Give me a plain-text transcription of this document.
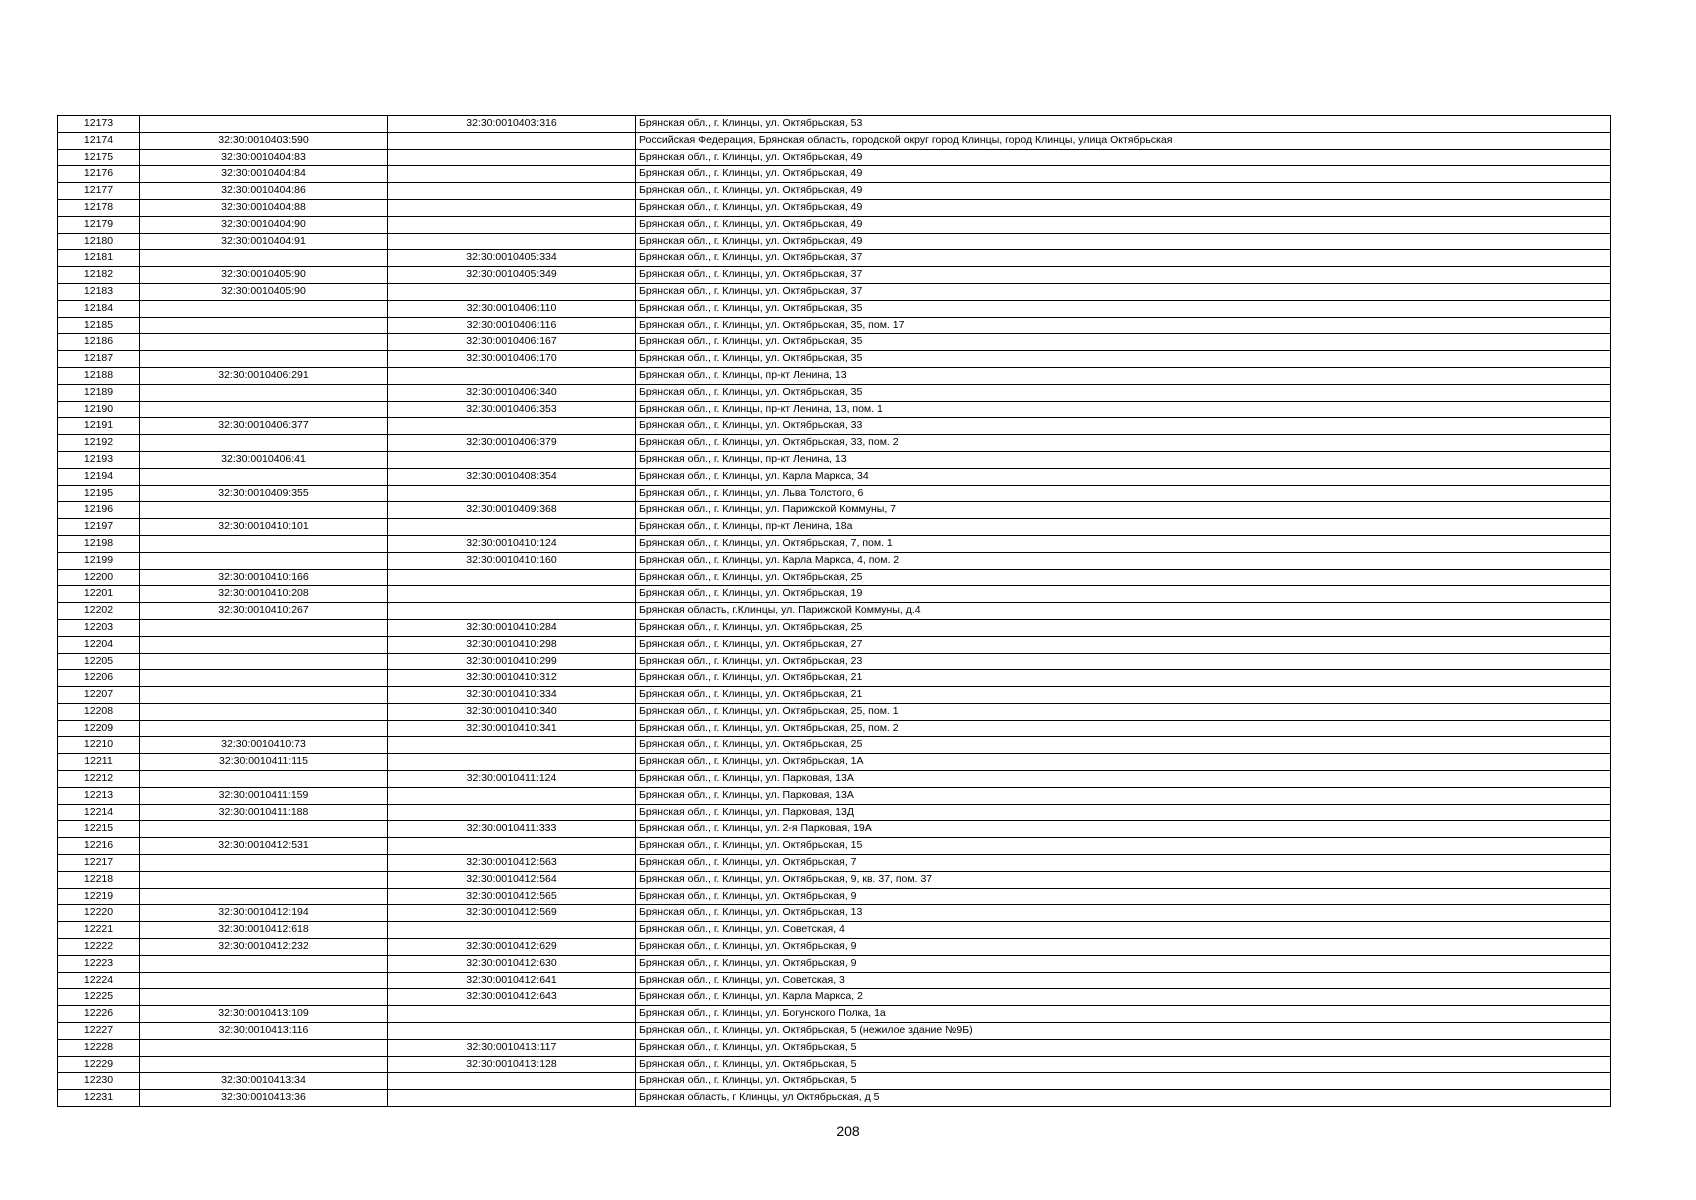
12173		32:30:0010403:316	Брянская обл., г. Клинцы, ул. Октябрьская, 53
12174	32:30:0010403:590		Российская Федерация, Брянская область, городской округ город Клинцы, город Клинцы, улица Октябрьская
12175	32:30:0010404:83		Брянская обл., г. Клинцы, ул. Октябрьская, 49
12176	32:30:0010404:84		Брянская обл., г. Клинцы, ул. Октябрьская, 49
12177	32:30:0010404:86		Брянская обл., г. Клинцы, ул. Октябрьская, 49
12178	32:30:0010404:88		Брянская обл., г. Клинцы, ул. Октябрьская, 49
12179	32:30:0010404:90		Брянская обл., г. Клинцы, ул. Октябрьская, 49
12180	32:30:0010404:91		Брянская обл., г. Клинцы, ул. Октябрьская, 49
12181		32:30:0010405:334	Брянская обл., г. Клинцы, ул. Октябрьская, 37
12182	32:30:0010405:90	32:30:0010405:349	Брянская обл., г. Клинцы, ул. Октябрьская, 37
12183	32:30:0010405:90		Брянская обл., г. Клинцы, ул. Октябрьская, 37
12184		32:30:0010406:110	Брянская обл., г. Клинцы, ул. Октябрьская, 35
12185		32:30:0010406:116	Брянская обл., г. Клинцы, ул. Октябрьская, 35, пом. 17
12186		32:30:0010406:167	Брянская обл., г. Клинцы, ул. Октябрьская, 35
12187		32:30:0010406:170	Брянская обл., г. Клинцы, ул. Октябрьская, 35
12188	32:30:0010406:291		Брянская обл., г. Клинцы, пр-кт Ленина, 13
12189		32:30:0010406:340	Брянская обл., г. Клинцы, ул. Октябрьская, 35
12190		32:30:0010406:353	Брянская обл., г. Клинцы, пр-кт Ленина, 13, пом. 1
12191	32:30:0010406:377		Брянская обл., г. Клинцы, ул. Октябрьская, 33
12192		32:30:0010406:379	Брянская обл., г. Клинцы, ул. Октябрьская, 33, пом. 2
12193	32:30:0010406:41		Брянская обл., г. Клинцы, пр-кт Ленина, 13
12194		32:30:0010408:354	Брянская обл., г. Клинцы, ул. Карла Маркса, 34
12195	32:30:0010409:355		Брянская обл., г. Клинцы, ул. Льва Толстого, 6
12196		32:30:0010409:368	Брянская обл., г. Клинцы, ул. Парижской Коммуны, 7
12197	32:30:0010410:101		Брянская обл., г. Клинцы, пр-кт Ленина, 18а
12198		32:30:0010410:124	Брянская обл., г. Клинцы, ул. Октябрьская, 7, пом. 1
12199		32:30:0010410:160	Брянская обл., г. Клинцы, ул. Карла Маркса, 4, пом. 2
12200	32:30:0010410:166		Брянская обл., г. Клинцы, ул. Октябрьская, 25
12201	32:30:0010410:208		Брянская обл., г. Клинцы, ул. Октябрьская, 19
12202	32:30:0010410:267		Брянская область, г.Клинцы, ул. Парижской Коммуны, д.4
12203		32:30:0010410:284	Брянская обл., г. Клинцы, ул. Октябрьская, 25
12204		32:30:0010410:298	Брянская обл., г. Клинцы, ул. Октябрьская, 27
12205		32:30:0010410:299	Брянская обл., г. Клинцы, ул. Октябрьская, 23
12206		32:30:0010410:312	Брянская обл., г. Клинцы, ул. Октябрьская, 21
12207		32:30:0010410:334	Брянская обл., г. Клинцы, ул. Октябрьская, 21
12208		32:30:0010410:340	Брянская обл., г. Клинцы, ул. Октябрьская, 25, пом. 1
12209		32:30:0010410:341	Брянская обл., г. Клинцы, ул. Октябрьская, 25, пом. 2
12210	32:30:0010410:73		Брянская обл., г. Клинцы, ул. Октябрьская, 25
12211	32:30:0010411:115		Брянская обл., г. Клинцы, ул. Октябрьская, 1А
12212		32:30:0010411:124	Брянская обл., г. Клинцы, ул. Парковая, 13А
12213	32:30:0010411:159		Брянская обл., г. Клинцы, ул. Парковая, 13А
12214	32:30:0010411:188		Брянская обл., г. Клинцы, ул. Парковая, 13Д
12215		32:30:0010411:333	Брянская обл., г. Клинцы, ул. 2-я Парковая, 19А
12216	32:30:0010412:531		Брянская обл., г. Клинцы, ул. Октябрьская, 15
12217		32:30:0010412:563	Брянская обл., г. Клинцы, ул. Октябрьская, 7
12218		32:30:0010412:564	Брянская обл., г. Клинцы, ул. Октябрьская, 9, кв. 37, пом. 37
12219		32:30:0010412:565	Брянская обл., г. Клинцы, ул. Октябрьская, 9
12220	32:30:0010412:194	32:30:0010412:569	Брянская обл., г. Клинцы, ул. Октябрьская, 13
12221	32:30:0010412:618		Брянская обл., г. Клинцы, ул. Советская, 4
12222	32:30:0010412:232	32:30:0010412:629	Брянская обл., г. Клинцы, ул. Октябрьская, 9
12223		32:30:0010412:630	Брянская обл., г. Клинцы, ул. Октябрьская, 9
12224		32:30:0010412:641	Брянская обл., г. Клинцы, ул. Советская, 3
12225		32:30:0010412:643	Брянская обл., г. Клинцы, ул. Карла Маркса, 2
12226	32:30:0010413:109		Брянская обл., г. Клинцы, ул. Богунского Полка, 1а
12227	32:30:0010413:116		Брянская обл., г. Клинцы, ул. Октябрьская, 5 (нежилое здание №9Б)
12228		32:30:0010413:117	Брянская обл., г. Клинцы, ул. Октябрьская, 5
12229		32:30:0010413:128	Брянская обл., г. Клинцы, ул. Октябрьская, 5
12230	32:30:0010413:34		Брянская обл., г. Клинцы, ул. Октябрьская, 5
12231	32:30:0010413:36		Брянская область, г Клинцы, ул Октябрьская, д 5
208
